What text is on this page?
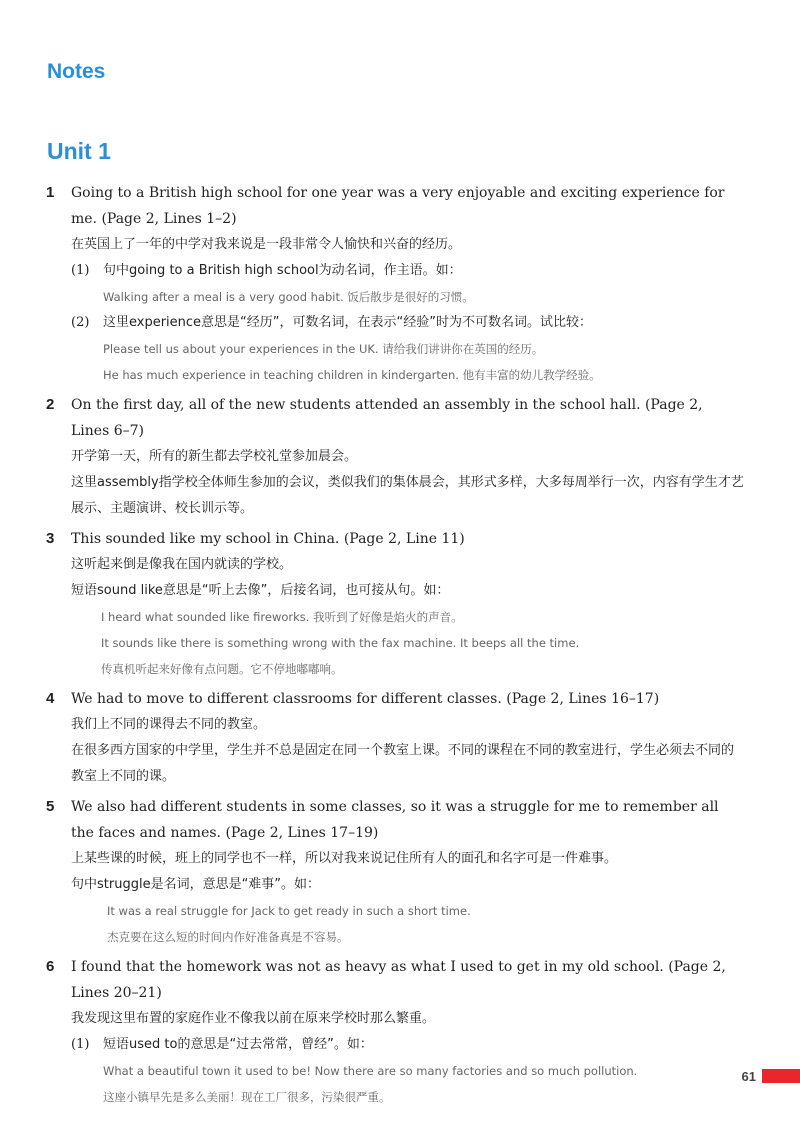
Notes
Unit 1
1 Going to a British high school for one year was a very enjoyable and exciting experience for me. (Page 2, Lines 1–2)
在英国上了一年的中学对我来说是一段非常令人愉快和兴奋的经历。
(1) 句中going to a British high school为动名词，作主语。如：
Walking after a meal is a very good habit. 饭后散步是很好的习惯。
(2) 这里experience意思是“经历”，可数名词，在表示“经验”时为不可数名词。试比较：
Please tell us about your experiences in the UK. 请给我们讲讲你在英国的经历。
He has much experience in teaching children in kindergarten. 他有丰富的幼儿教学经验。
2 On the first day, all of the new students attended an assembly in the school hall. (Page 2, Lines 6–7)
开学第一天，所有的新生都去学校礼堂参加晨会。
这里assembly指学校全体师生参加的会议，类似我们的集体晨会，其形式多样，大多每周举行一次，内容有学生才艺展示、主题演讲、校长训示等。
3 This sounded like my school in China. (Page 2, Line 11)
这听起来倒是像我在国内就读的学校。
短语sound like意思是“听上去像”，后接名词，也可接从句。如：
I heard what sounded like fireworks. 我听到了好像是焰火的声音。
It sounds like there is something wrong with the fax machine. It beeps all the time.
传真机听起来好像有点问题。它不停地嘟嘟响。
4 We had to move to different classrooms for different classes. (Page 2, Lines 16–17)
我们上不同的课得去不同的教室。
在很多西方国家的中学里，学生并不总是固定在同一个教室上课。不同的课程在不同的教室进行，学生必须去不同的教室上不同的课。
5 We also had different students in some classes, so it was a struggle for me to remember all the faces and names. (Page 2, Lines 17–19)
上某些课的时候，班上的同学也不一样，所以对我来说记住所有人的面孔和名字可是一件难事。
句中struggle是名词，意思是“难事”。如：
It was a real struggle for Jack to get ready in such a short time.
杰克要在这么短的时间内作好准备真是不容易。
6 I found that the homework was not as heavy as what I used to get in my old school. (Page 2, Lines 20–21)
我发现这里布置的家庭作业不像我以前在原来学校时那么繁重。
(1) 短语used to的意思是“过去常常，曾经”。如：
What a beautiful town it used to be! Now there are so many factories and so much pollution.
这座小镇早先是多么美丽！现在工厂很多，污染很严重。
61
